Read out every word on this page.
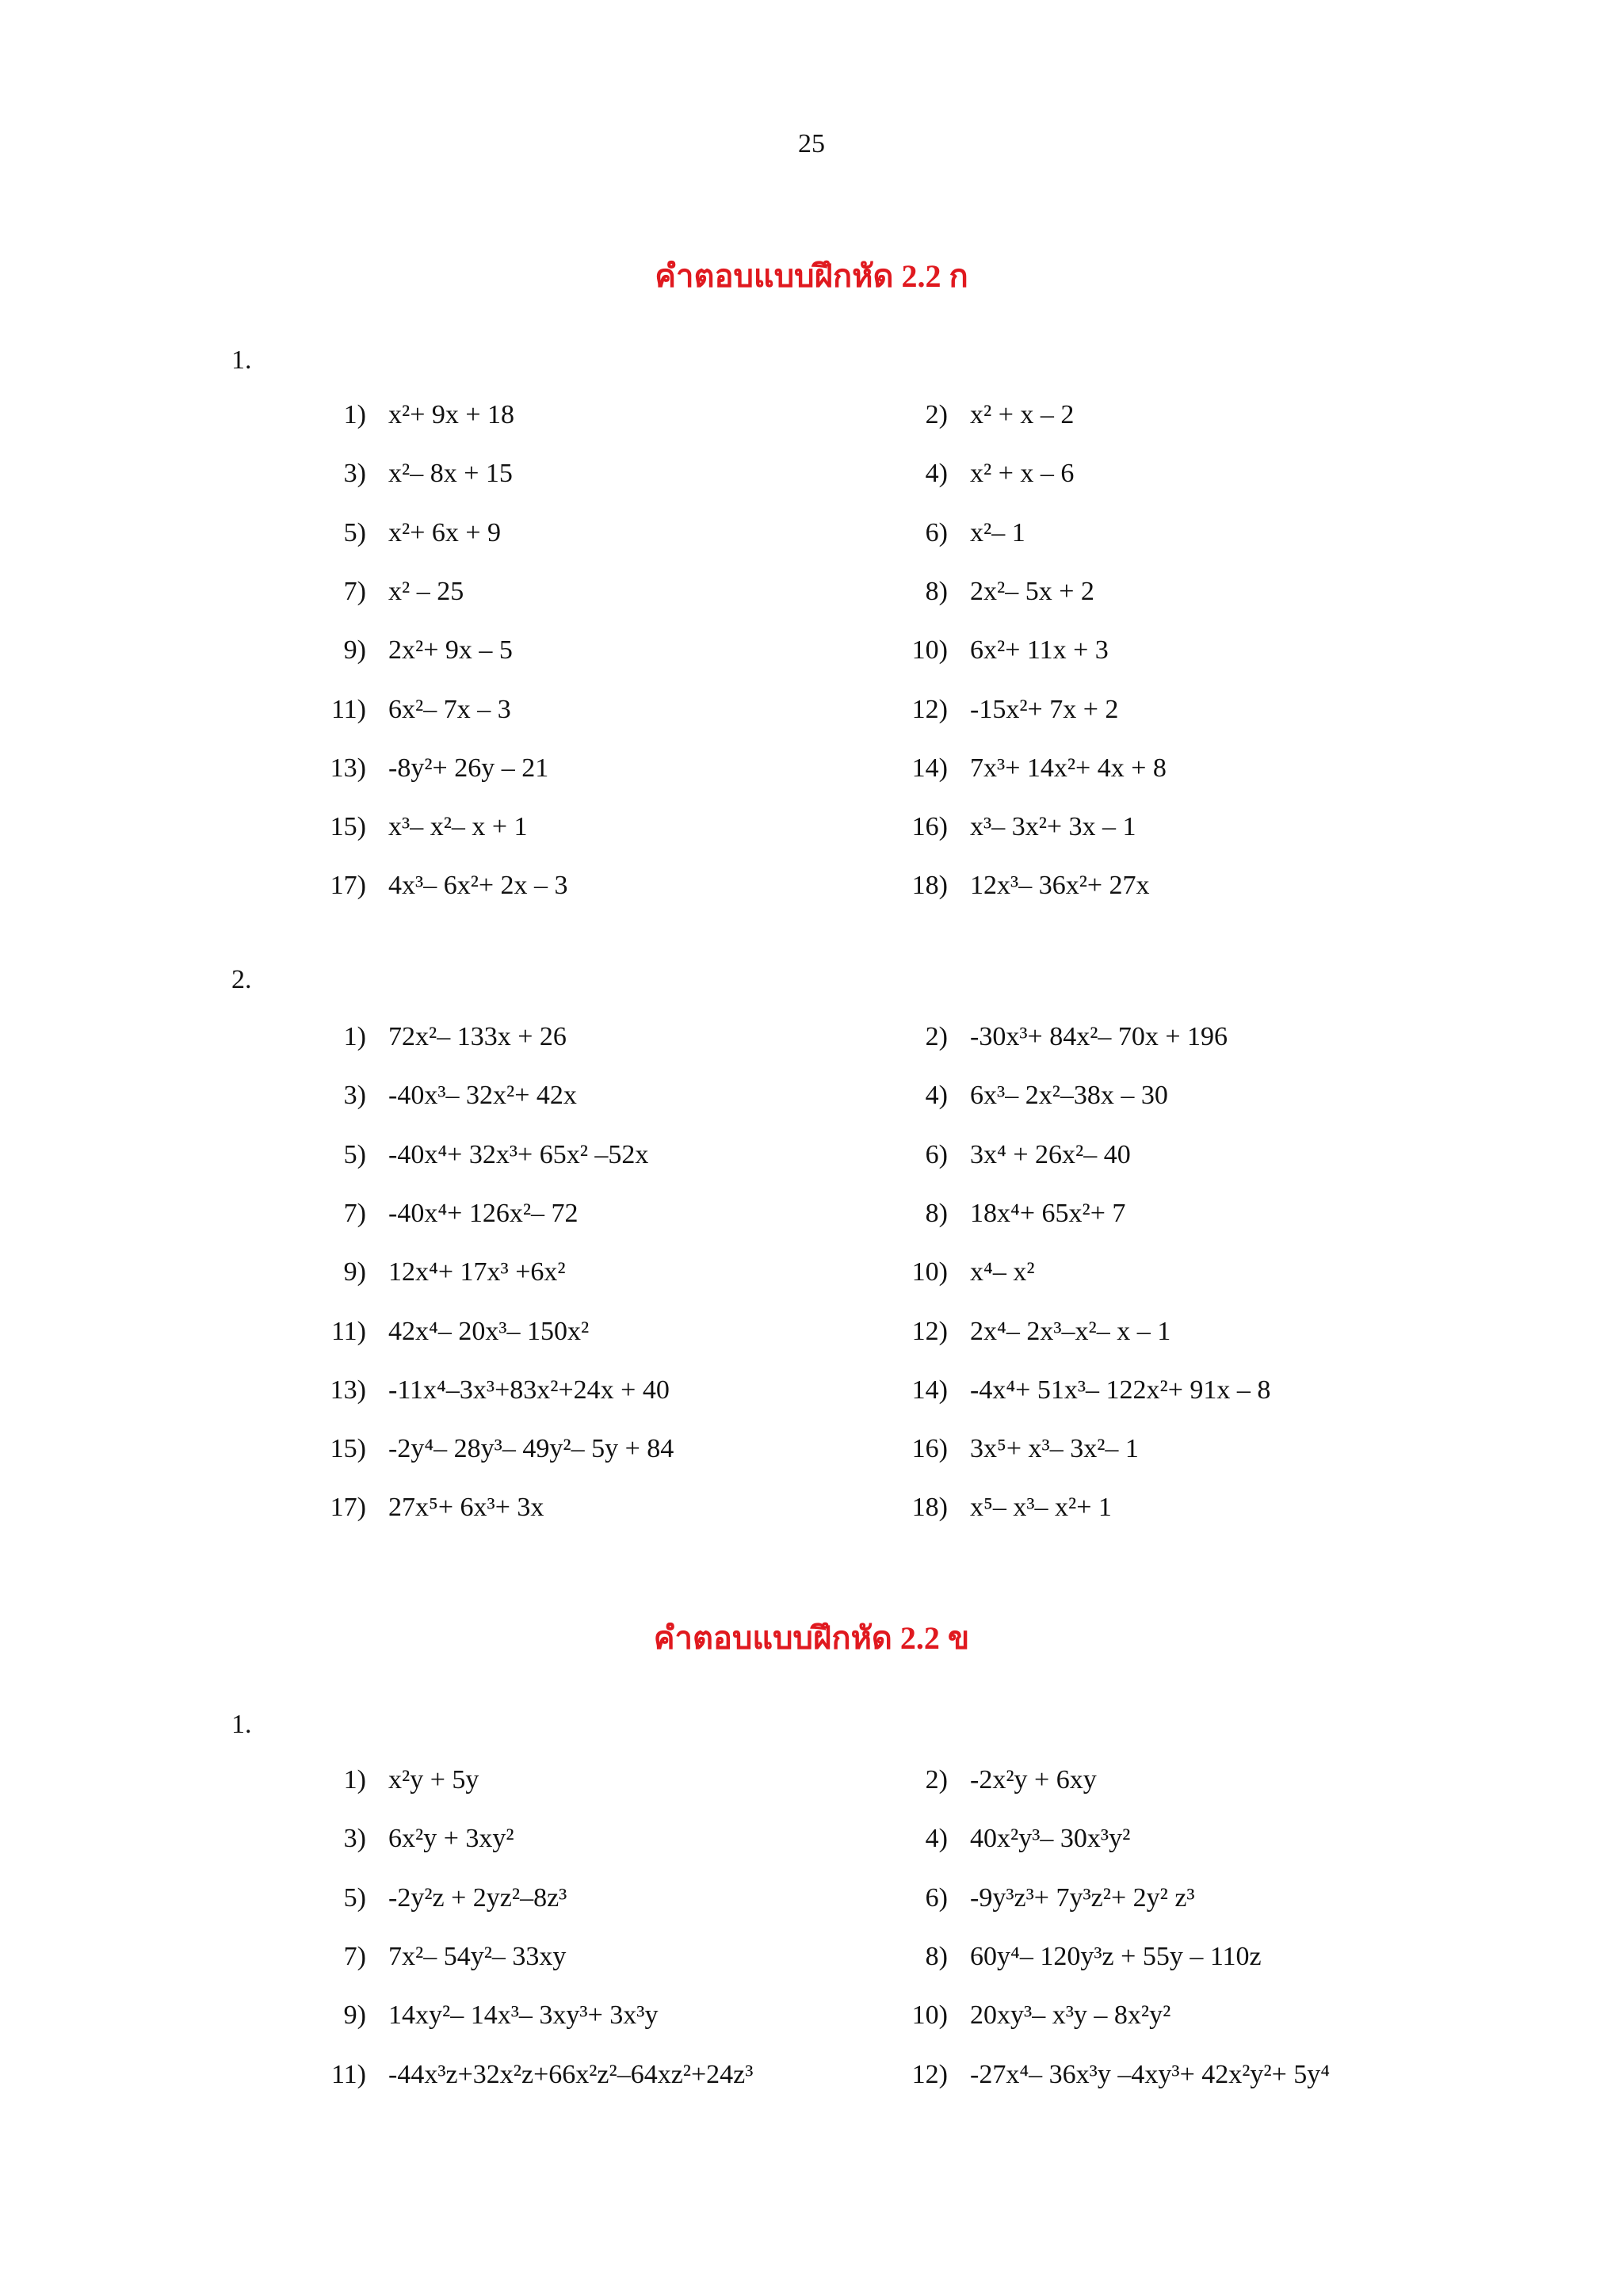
25
คำตอบแบบฝึกหัด 2.2 ก
1.
1) x²+ 9x + 18	2) x² + x – 2
3) x²– 8x + 15	4) x² + x – 6
5) x²+ 6x + 9	6) x²– 1
7) x² – 25	8) 2x²– 5x + 2
9) 2x²+ 9x – 5	10) 6x²+ 11x + 3
11) 6x²– 7x – 3	12) -15x²+ 7x + 2
13) -8y²+ 26y – 21	14) 7x³+ 14x²+ 4x + 8
15) x³– x²– x + 1	16) x³– 3x²+ 3x – 1
17) 4x³– 6x²+ 2x – 3	18) 12x³– 36x²+ 27x
2.
1) 72x²– 133x + 26	2) -30x³+ 84x²– 70x + 196
3) -40x³– 32x²+ 42x	4) 6x³– 2x²–38x – 30
5) -40x⁴+ 32x³+ 65x² –52x	6) 3x⁴ + 26x²– 40
7) -40x⁴+ 126x²– 72	8) 18x⁴+ 65x²+ 7
9) 12x⁴+ 17x³ +6x²	10) x⁴– x²
11) 42x⁴– 20x³– 150x²	12) 2x⁴– 2x³–x²– x – 1
13) -11x⁴–3x³+83x²+24x + 40	14) -4x⁴+ 51x³– 122x²+ 91x – 8
15) -2y⁴– 28y³– 49y²– 5y + 84	16) 3x⁵+ x³– 3x²– 1
17) 27x⁵+ 6x³+ 3x	18) x⁵– x³– x²+ 1
คำตอบแบบฝึกหัด 2.2 ข
1.
1) x²y + 5y	2) -2x²y + 6xy
3) 6x²y + 3xy²	4) 40x²y³– 30x³y²
5) -2y²z + 2yz²–8z³	6) -9y³z³+ 7y³z²+ 2y² z³
7) 7x²– 54y²– 33xy	8) 60y⁴– 120y³z + 55y – 110z
9) 14xy²– 14x³– 3xy³+ 3x³y	10) 20xy³– x³y – 8x²y²
11) -44x³z+32x²z+66x²z²–64xz²+24z³	12) -27x⁴– 36x³y –4xy³+ 42x²y²+ 5y⁴
